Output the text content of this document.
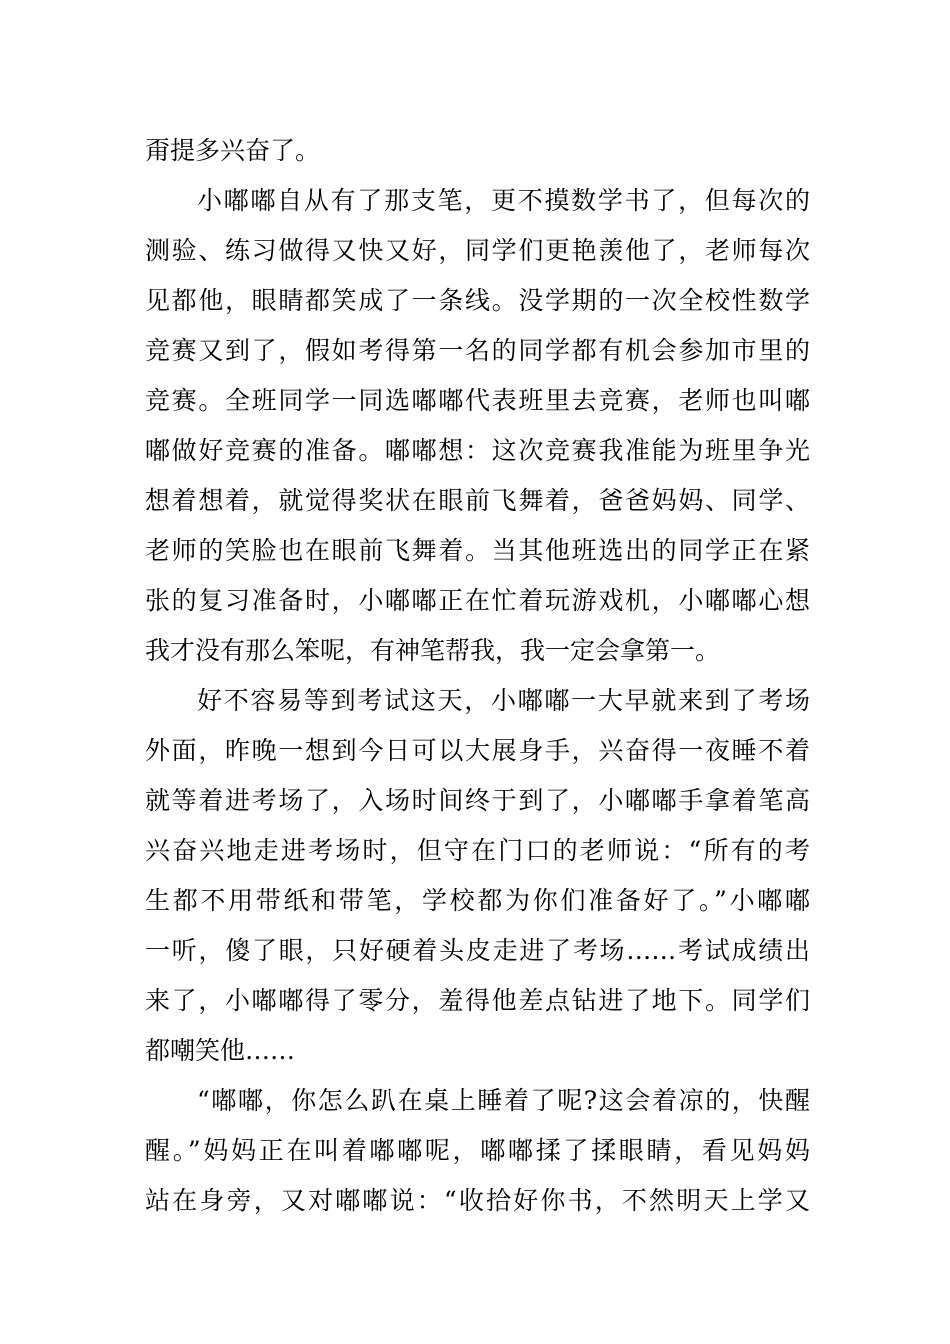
甭提多兴奋了。
小嘟嘟自从有了那支笔，更不摸数学书了，但每次的
测验、练习做得又快又好，同学们更艳羡他了，老师每次
见都他，眼睛都笑成了一条线。没学期的一次全校性数学
竞赛又到了，假如考得第一名的同学都有机会参加市里的
竞赛。全班同学一同选嘟嘟代表班里去竞赛，老师也叫嘟
嘟做好竞赛的准备。嘟嘟想：这次竞赛我准能为班里争光
想着想着，就觉得奖状在眼前飞舞着，爸爸妈妈、同学、
老师的笑脸也在眼前飞舞着。当其他班选出的同学正在紧
张的复习准备时，小嘟嘟正在忙着玩游戏机，小嘟嘟心想
我才没有那么笨呢，有神笔帮我，我一定会拿第一。
好不容易等到考试这天，小嘟嘟一大早就来到了考场
外面，昨晚一想到今日可以大展身手，兴奋得一夜睡不着
就等着进考场了，入场时间终于到了，小嘟嘟手拿着笔高
兴奋兴地走进考场时，但守在门口的老师说：“所有的考
生都不用带纸和带笔，学校都为你们准备好了。”小嘟嘟
一听，傻了眼，只好硬着头皮走进了考场……考试成绩出
来了，小嘟嘟得了零分，羞得他差点钻进了地下。同学们
都嘲笑他……
“嘟嘟，你怎么趴在桌上睡着了呢?这会着凉的，快醒
醒。”妈妈正在叫着嘟嘟呢，嘟嘟揉了揉眼睛，看见妈妈
站在身旁，又对嘟嘟说：“收拾好你书，不然明天上学又
